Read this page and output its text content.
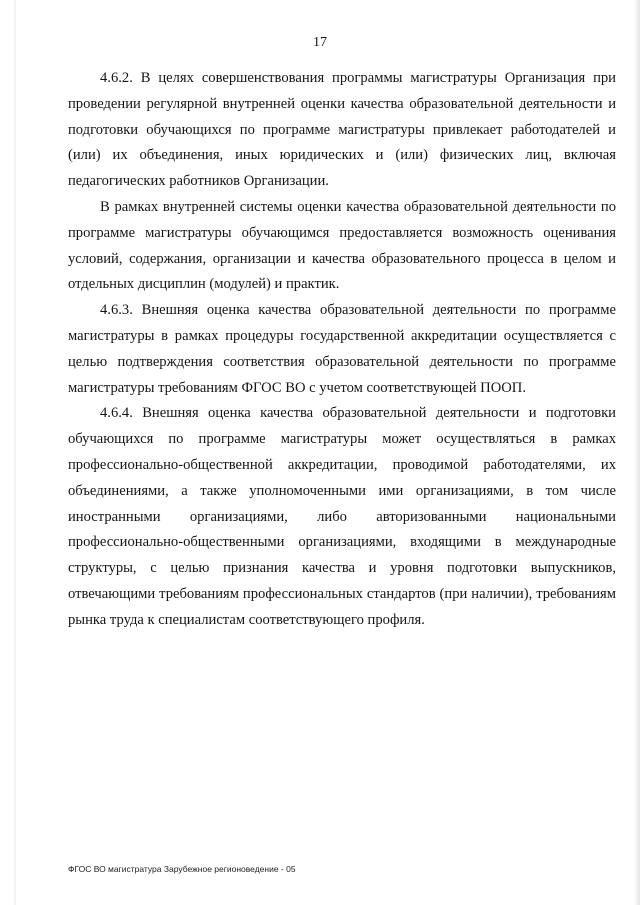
17

4.6.2. В целях совершенствования программы магистратуры Организация при проведении регулярной внутренней оценки качества образовательной деятельности и подготовки обучающихся по программе магистратуры привлекает работодателей и (или) их объединения, иных юридических и (или) физических лиц, включая педагогических работников Организации.

В рамках внутренней системы оценки качества образовательной деятельности по программе магистратуры обучающимся предоставляется возможность оценивания условий, содержания, организации и качества образовательного процесса в целом и отдельных дисциплин (модулей) и практик.

4.6.3. Внешняя оценка качества образовательной деятельности по программе магистратуры в рамках процедуры государственной аккредитации осуществляется с целью подтверждения соответствия образовательной деятельности по программе магистратуры требованиям ФГОС ВО с учетом соответствующей ПООП.

4.6.4. Внешняя оценка качества образовательной деятельности и подготовки обучающихся по программе магистратуры может осуществляться в рамках профессионально-общественной аккредитации, проводимой работодателями, их объединениями, а также уполномоченными ими организациями, в том числе иностранными организациями, либо авторизованными национальными профессионально-общественными организациями, входящими в международные структуры, с целью признания качества и уровня подготовки выпускников, отвечающими требованиям профессиональных стандартов (при наличии), требованиям рынка труда к специалистам соответствующего профиля.

ФГОС ВО магистратура Зарубежное регионоведение - 05
